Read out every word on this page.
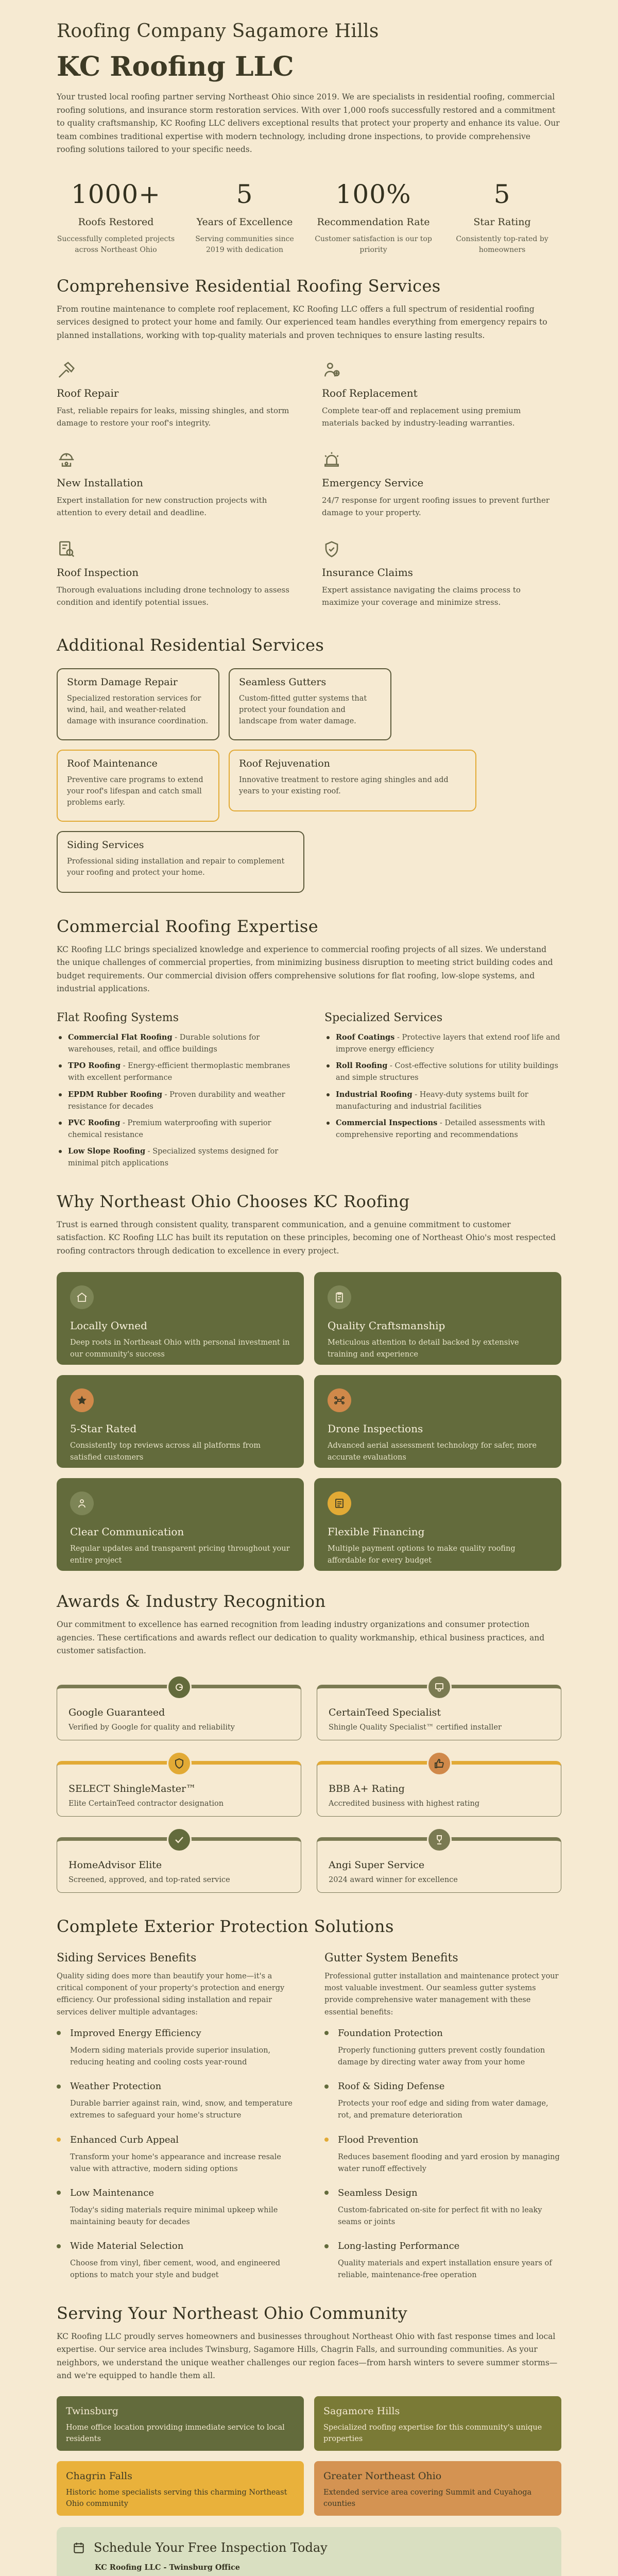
Roofing Company Sagamore Hills
KC Roofing LLC

Your trusted local roofing partner serving Northeast Ohio since 2019. We are specialists in residential roofing, commercial roofing solutions, and insurance storm restoration services. With over 1,000 roofs successfully restored and a commitment to quality craftsmanship, KC Roofing LLC delivers exceptional results that protect your property and enhance its value. Our team combines traditional expertise with modern technology, including drone inspections, to provide comprehensive roofing solutions tailored to your specific needs.

1000+
Roofs Restored
Successfully completed projects across Northeast Ohio
5
Years of Excellence
Serving communities since 2019 with dedication
100%
Recommendation Rate
Customer satisfaction is our top priority
5
Star Rating
Consistently top-rated by homeowners
Comprehensive Residential Roofing Services

From routine maintenance to complete roof replacement, KC Roofing LLC offers a full spectrum of residential roofing services designed to protect your home and family. Our experienced team handles everything from emergency repairs to planned installations, working with top-quality materials and proven techniques to ensure lasting results.

Roof Repair

Fast, reliable repairs for leaks, missing shingles, and storm damage to restore your roof's integrity.

Roof Replacement

Complete tear-off and replacement using premium materials backed by industry-leading warranties.

New Installation

Expert installation for new construction projects with attention to every detail and deadline.

Emergency Service

24/7 response for urgent roofing issues to prevent further damage to your property.

Roof Inspection

Thorough evaluations including drone technology to assess condition and identify potential issues.

Insurance Claims

Expert assistance navigating the claims process to maximize your coverage and minimize stress.

Additional Residential Services
Storm Damage Repair

Specialized restoration services for wind, hail, and weather-related damage with insurance coordination.

Seamless Gutters

Custom-fitted gutter systems that protect your foundation and landscape from water damage.

Roof Maintenance

Preventive care programs to extend your roof's lifespan and catch small problems early.

Roof Rejuvenation

Innovative treatment to restore aging shingles and add years to your existing roof.

Siding Services

Professional siding installation and repair to complement your roofing and protect your home.

Commercial Roofing Expertise

KC Roofing LLC brings specialized knowledge and experience to commercial roofing projects of all sizes. We understand the unique challenges of commercial properties, from minimizing business disruption to meeting strict building codes and budget requirements. Our commercial division offers comprehensive solutions for flat roofing, low-slope systems, and industrial applications.

Flat Roofing Systems
Commercial Flat Roofing - Durable solutions for warehouses, retail, and office buildings
TPO Roofing - Energy-efficient thermoplastic membranes with excellent performance
EPDM Rubber Roofing - Proven durability and weather resistance for decades
PVC Roofing - Premium waterproofing with superior chemical resistance
Low Slope Roofing - Specialized systems designed for minimal pitch applications
Specialized Services
Roof Coatings - Protective layers that extend roof life and improve energy efficiency
Roll Roofing - Cost-effective solutions for utility buildings and simple structures
Industrial Roofing - Heavy-duty systems built for manufacturing and industrial facilities
Commercial Inspections - Detailed assessments with comprehensive reporting and recommendations
Why Northeast Ohio Chooses KC Roofing

Trust is earned through consistent quality, transparent communication, and a genuine commitment to customer satisfaction. KC Roofing LLC has built its reputation on these principles, becoming one of Northeast Ohio's most respected roofing contractors through dedication to excellence in every project.

Locally Owned

Deep roots in Northeast Ohio with personal investment in our community's success

Quality Craftsmanship

Meticulous attention to detail backed by extensive training and experience

5-Star Rated

Consistently top reviews across all platforms from satisfied customers

Drone Inspections

Advanced aerial assessment technology for safer, more accurate evaluations

Clear Communication

Regular updates and transparent pricing throughout your entire project

Flexible Financing

Multiple payment options to make quality roofing affordable for every budget

Awards & Industry Recognition

Our commitment to excellence has earned recognition from leading industry organizations and consumer protection agencies. These certifications and awards reflect our dedication to quality workmanship, ethical business practices, and customer satisfaction.

Google Guaranteed

Verified by Google for quality and reliability

CertainTeed Specialist

Shingle Quality Specialist™ certified installer

SELECT ShingleMaster™

Elite CertainTeed contractor designation

BBB A+ Rating

Accredited business with highest rating

HomeAdvisor Elite

Screened, approved, and top-rated service

Angi Super Service

2024 award winner for excellence

Complete Exterior Protection Solutions
Siding Services Benefits

Quality siding does more than beautify your home—it's a critical component of your property's protection and energy efficiency. Our professional siding installation and repair services deliver multiple advantages:

Improved Energy Efficiency

Modern siding materials provide superior insulation, reducing heating and cooling costs year-round

Weather Protection

Durable barrier against rain, wind, snow, and temperature extremes to safeguard your home's structure

Enhanced Curb Appeal

Transform your home's appearance and increase resale value with attractive, modern siding options

Low Maintenance

Today's siding materials require minimal upkeep while maintaining beauty for decades

Wide Material Selection

Choose from vinyl, fiber cement, wood, and engineered options to match your style and budget

Gutter System Benefits

Professional gutter installation and maintenance protect your most valuable investment. Our seamless gutter systems provide comprehensive water management with these essential benefits:

Foundation Protection

Properly functioning gutters prevent costly foundation damage by directing water away from your home

Roof & Siding Defense

Protects your roof edge and siding from water damage, rot, and premature deterioration

Flood Prevention

Reduces basement flooding and yard erosion by managing water runoff effectively

Seamless Design

Custom-fabricated on-site for perfect fit with no leaky seams or joints

Long-lasting Performance

Quality materials and expert installation ensure years of reliable, maintenance-free operation

Serving Your Northeast Ohio Community

KC Roofing LLC proudly serves homeowners and businesses throughout Northeast Ohio with fast response times and local expertise. Our service area includes Twinsburg, Sagamore Hills, Chagrin Falls, and surrounding communities. As your neighbors, we understand the unique weather challenges our region faces—from harsh winters to severe summer storms—and we're equipped to handle them all.

Twinsburg

Home office location providing immediate service to local residents

Sagamore Hills

Specialized roofing expertise for this community's unique properties

Chagrin Falls

Historic home specialists serving this charming Northeast Ohio community

Greater Northeast Ohio

Extended service area covering Summit and Cuyahoga counties

Schedule Your Free Inspection Today
KC Roofing LLC - Twinsburg Office
